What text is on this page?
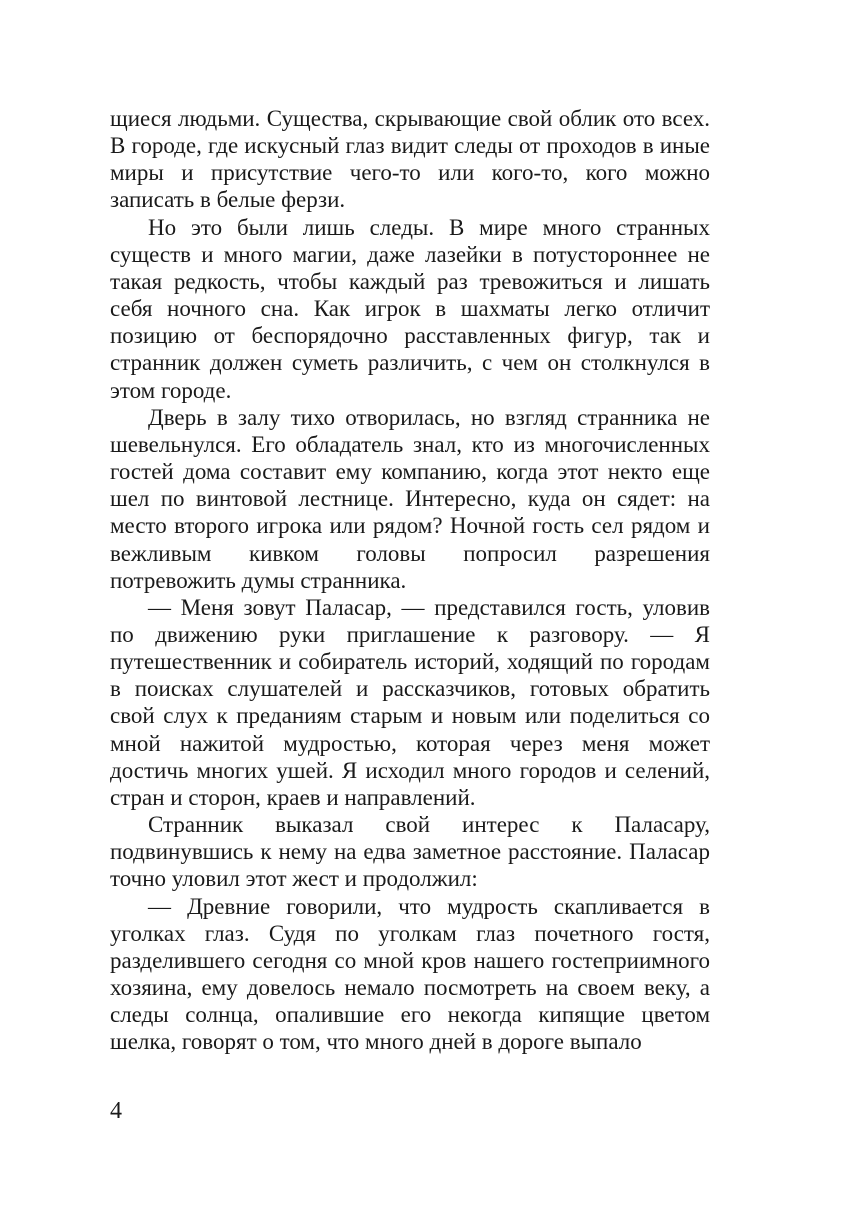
щиеся людьми. Существа, скрывающие свой облик ото всех. В городе, где искусный глаз видит следы от проходов в иные миры и присутствие чего-то или кого-то, кого можно записать в белые ферзи.

Но это были лишь следы. В мире много странных существ и много магии, даже лазейки в потустороннее не такая редкость, чтобы каждый раз тревожиться и лишать себя ночного сна. Как игрок в шахматы легко отличит позицию от беспорядочно расставленных фигур, так и странник должен суметь различить, с чем он столкнулся в этом городе.

Дверь в залу тихо отворилась, но взгляд странника не шевельнулся. Его обладатель знал, кто из многочисленных гостей дома составит ему компанию, когда этот некто еще шел по винтовой лестнице. Интересно, куда он сядет: на место второго игрока или рядом? Ночной гость сел рядом и вежливым кивком головы попросил разрешения потревожить думы странника.

— Меня зовут Паласар, — представился гость, уловив по движению руки приглашение к разговору. — Я путешественник и собиратель историй, ходящий по городам в поисках слушателей и рассказчиков, готовых обратить свой слух к преданиям старым и новым или поделиться со мной нажитой мудростью, которая через меня может достичь многих ушей. Я исходил много городов и селений, стран и сторон, краев и направлений.

Странник выказал свой интерес к Паласару, подвинувшись к нему на едва заметное расстояние. Паласар точно уловил этот жест и продолжил:

— Древние говорили, что мудрость скапливается в уголках глаз. Судя по уголкам глаз почетного гостя, разделившего сегодня со мной кров нашего гостеприимного хозяина, ему довелось немало посмотреть на своем веку, а следы солнца, опалившие его некогда кипящие цветом шелка, говорят о том, что много дней в дороге выпало

4
